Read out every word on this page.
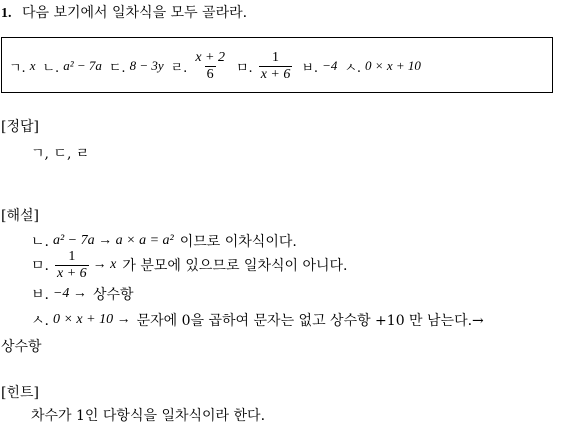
1. 다음 보기에서 일차식을 모두 골라라.
ㄱ. x ㄴ. a² − 7a ㄷ. 8 − 3y ㄹ. $\frac{x + 2}{6}$ ㅁ. $\frac{1}{x + 6}$ ㅂ. −4 ㅅ. 0 × x + 10
[정답]
ㄱ, ㄷ, ㄹ
[해설]
ㄴ. a² − 7a → a × a = a² 이므로 이차식이다.
ㅁ. $\frac{1}{x + 6} \to x$ 가 분모에 있으므로 일차식이 아니다.
ㅂ. −4 → 상수항
ㅅ. 0 × x + 10 → 문자에 0을 곱하여 문자는 없고 상수항 +10 만 남는다.→
상수항
[힌트]
차수가 1인 다항식을 일차식이라 한다.
